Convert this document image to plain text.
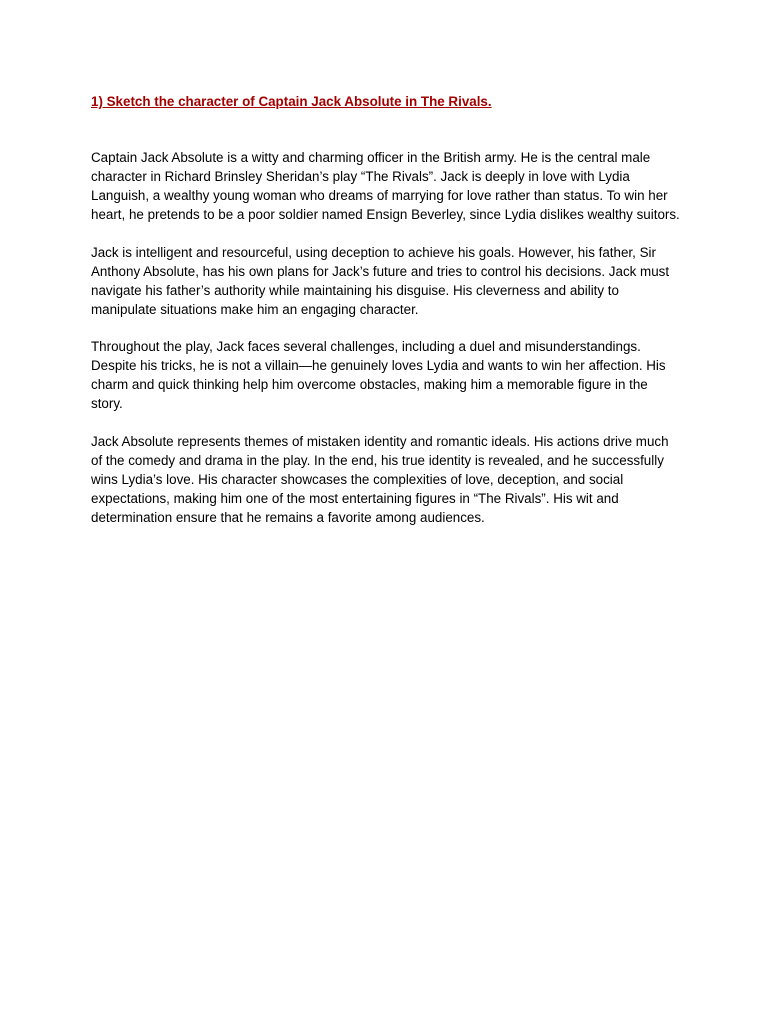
1) Sketch the character of Captain Jack Absolute in The Rivals.

Captain Jack Absolute is a witty and charming officer in the British army. He is the central male character in Richard Brinsley Sheridan’s play “The Rivals”. Jack is deeply in love with Lydia Languish, a wealthy young woman who dreams of marrying for love rather than status. To win her heart, he pretends to be a poor soldier named Ensign Beverley, since Lydia dislikes wealthy suitors.

Jack is intelligent and resourceful, using deception to achieve his goals. However, his father, Sir Anthony Absolute, has his own plans for Jack’s future and tries to control his decisions. Jack must navigate his father’s authority while maintaining his disguise. His cleverness and ability to manipulate situations make him an engaging character.

Throughout the play, Jack faces several challenges, including a duel and misunderstandings. Despite his tricks, he is not a villain—he genuinely loves Lydia and wants to win her affection. His charm and quick thinking help him overcome obstacles, making him a memorable figure in the story.

Jack Absolute represents themes of mistaken identity and romantic ideals. His actions drive much of the comedy and drama in the play. In the end, his true identity is revealed, and he successfully wins Lydia’s love. His character showcases the complexities of love, deception, and social expectations, making him one of the most entertaining figures in “The Rivals”. His wit and determination ensure that he remains a favorite among audiences.
